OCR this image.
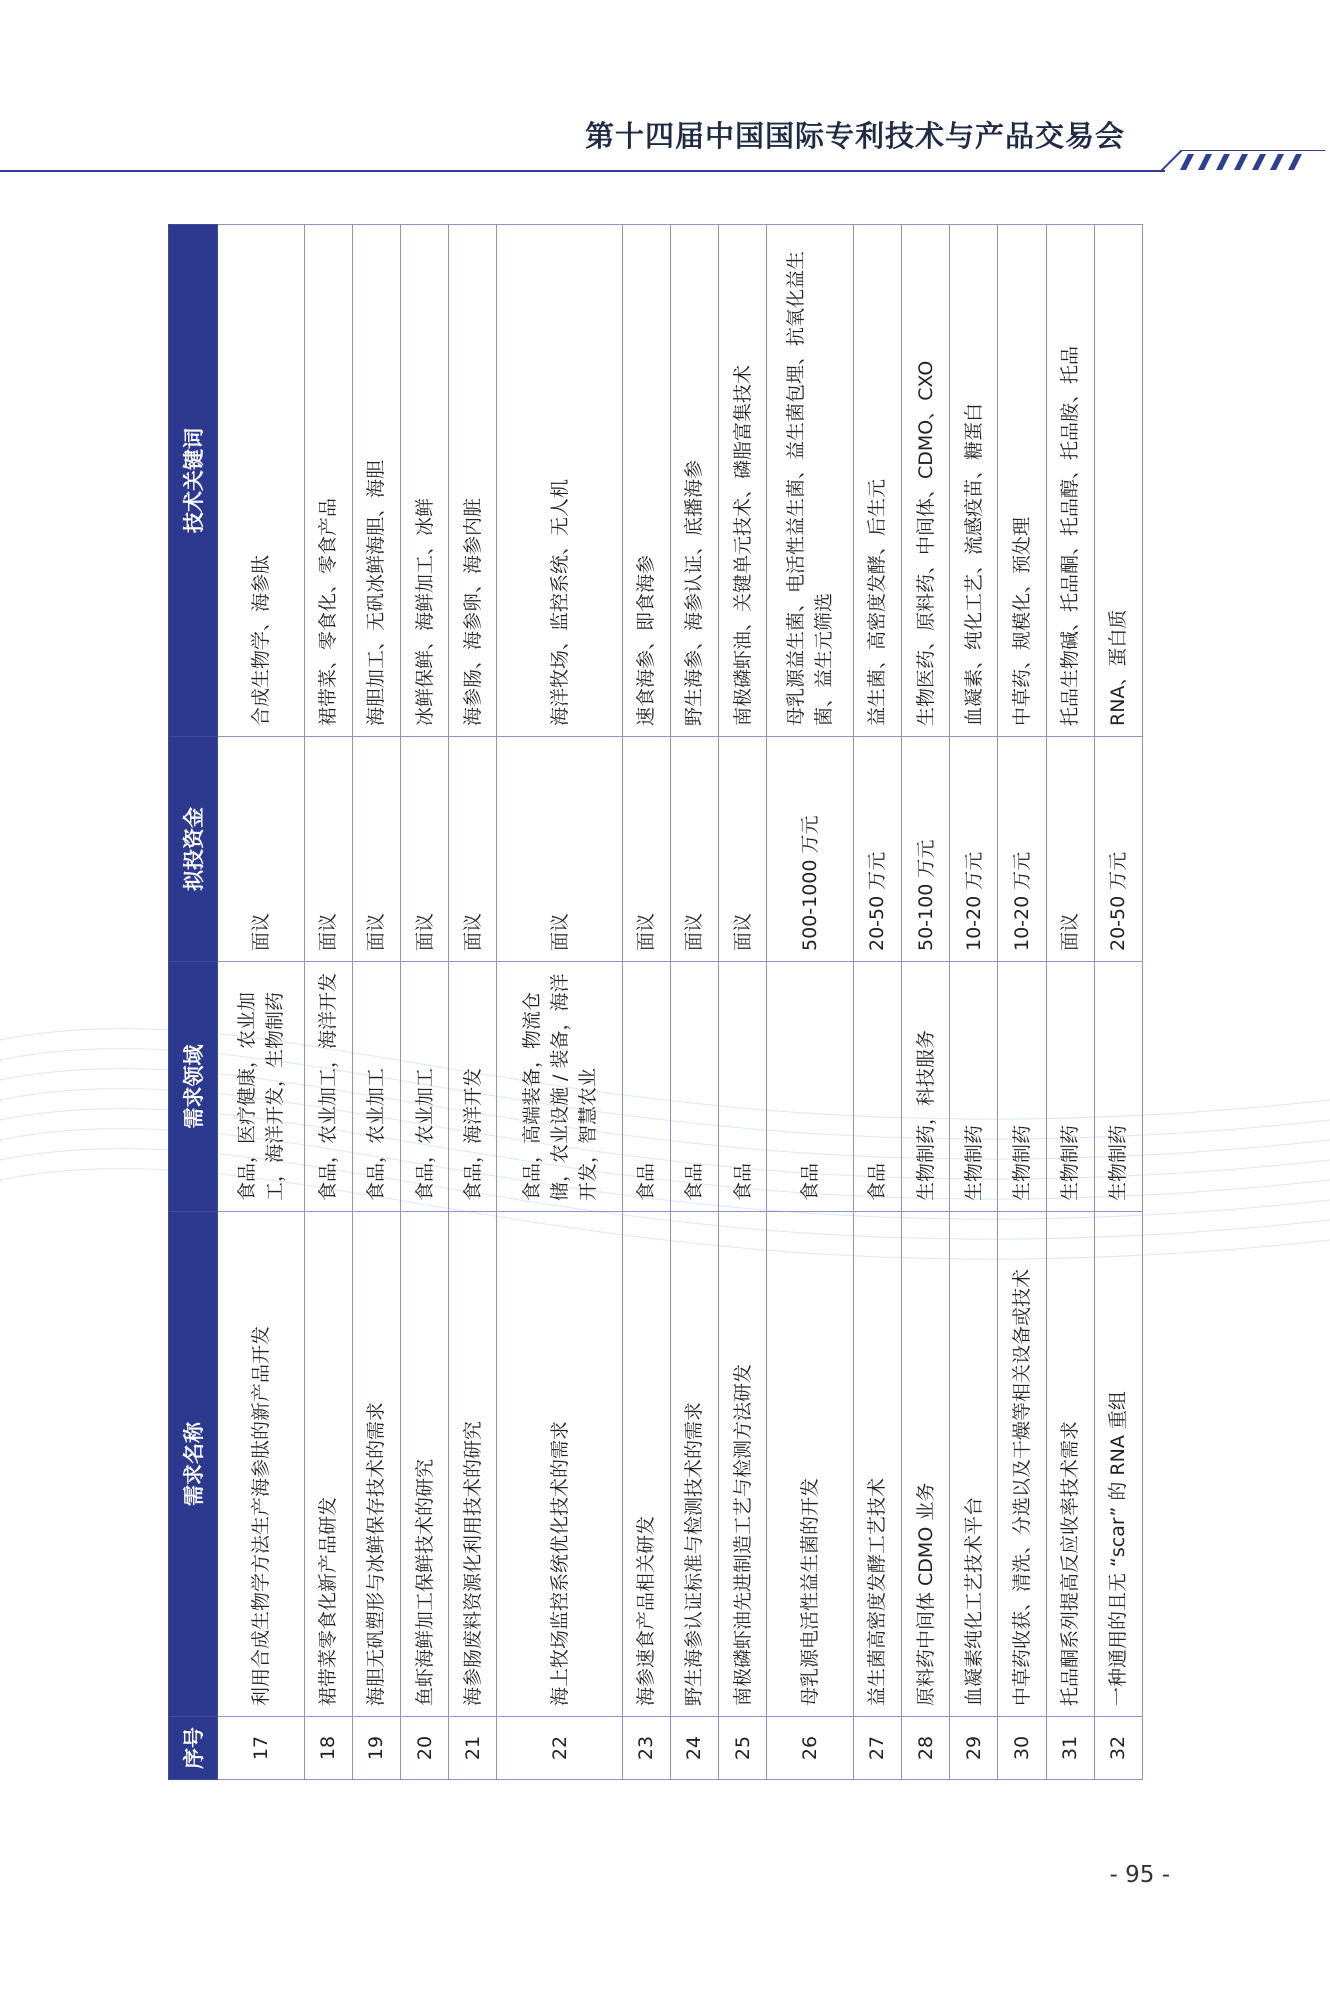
第十四届中国国际专利技术与产品交易会
序号	需求名称	需求领域	拟投资金	技术关键词
17	利用合成生物学方法生产海参肽的新产品开发	食品，医疗健康，农业加工，海洋开发，生物制药	面议	合成生物学、海参肽
18	裙带菜零食化新产品研发	食品，农业加工，海洋开发	面议	裙带菜、零食化、零食产品
19	海胆无矾塑形与冰鲜保存技术的需求	食品，农业加工	面议	海胆加工、无矾冰鲜海胆、海胆
20	鱼虾海鲜加工保鲜技术的研究	食品，农业加工	面议	冰鲜保鲜、海鲜加工、冰鲜
21	海参肠废料资源化利用技术的研究	食品，海洋开发	面议	海参肠、海参卵、海参内脏
22	海上牧场监控系统优化技术的需求	食品，高端装备，物流仓储，农业设施 / 装备，海洋开发，智慧农业	面议	海洋牧场、监控系统、无人机
23	海参速食产品相关研发	食品	面议	速食海参、即食海参
24	野生海参认证标准与检测技术的需求	食品	面议	野生海参、海参认证、底播海参
25	南极磷虾油先进制造工艺与检测方法研发	食品	面议	南极磷虾油、关键单元技术、磷脂富集技术
26	母乳源电活性益生菌的开发	食品	500-1000 万元	母乳源益生菌、电活性益生菌、益生菌包埋、抗氧化益生菌、益生元筛选
27	益生菌高密度发酵工艺技术	食品	20-50 万元	益生菌、高密度发酵、后生元
28	原料药中间体 CDMO 业务	生物制药，科技服务	50-100 万元	生物医药、原料药、中间体、CDMO、CXO
29	血凝素纯化工艺技术平台	生物制药	10-20 万元	血凝素、纯化工艺、流感疫苗、糖蛋白
30	中草药收获、清洗、分选以及干燥等相关设备或技术	生物制药	10-20 万元	中草药、规模化、预处理
31	托品酮系列提高反应收率技术需求	生物制药	面议	托品生物碱、托品酮、托品醇、托品胺、托品
32	一种通用的且无 “scar” 的 RNA 重组	生物制药	20-50 万元	RNA、蛋白质
- 95 -
